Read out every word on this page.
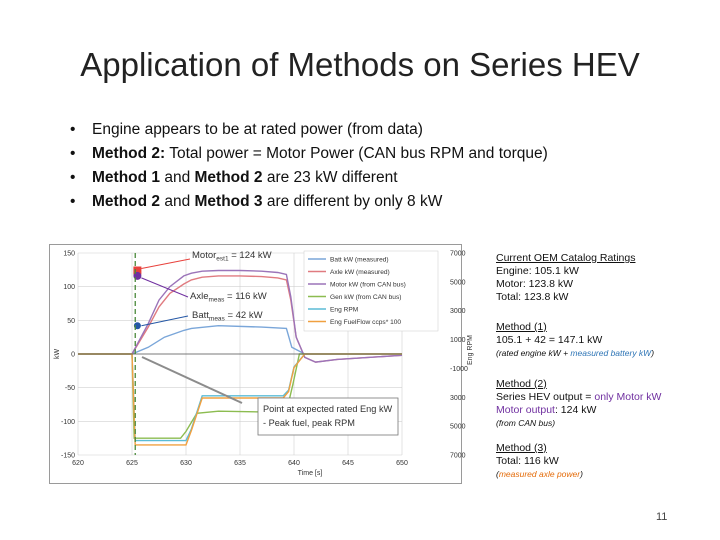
Application of Methods on Series HEV
• Engine appears to be at rated power (from data)
• Method 2: Total power = Motor Power (CAN bus RPM and torque)
• Method 1 and Method 2 are 23 kW different
• Method 2 and Method 3 are different by only 8 kW
150
100
50
0
-50
-100
-150
620	625	630	635	640	645	650
7000
5000
3000
1000
-1000
3000
5000
7000
Time [s]
kW	Eng RPM
Batt kW (measured)
Axle kW (measured)
Motor kW (from CAN bus)
Gen kW (from CAN bus)
Eng RPM
Eng FuelFlow ccps* 100
Motor$_{est1}$ = 124 kW
Axle$_{meas}$ = 116 kW
Batt$_{meas}$ = 42 kW
Point at expected rated Eng kW
- Peak fuel, peak RPM
Current OEM Catalog Ratings
Engine: 105.1 kW
Motor: 123.8 kW
Total: 123.8 kW
Method (1)
105.1 + 42 = 147.1 kW
(rated engine kW + measured battery kW)
Method (2)
Series HEV output = only Motor kW
Motor output: 124 kW
(from CAN bus)
Method (3)
Total: 116 kW
(measured axle power)
11
